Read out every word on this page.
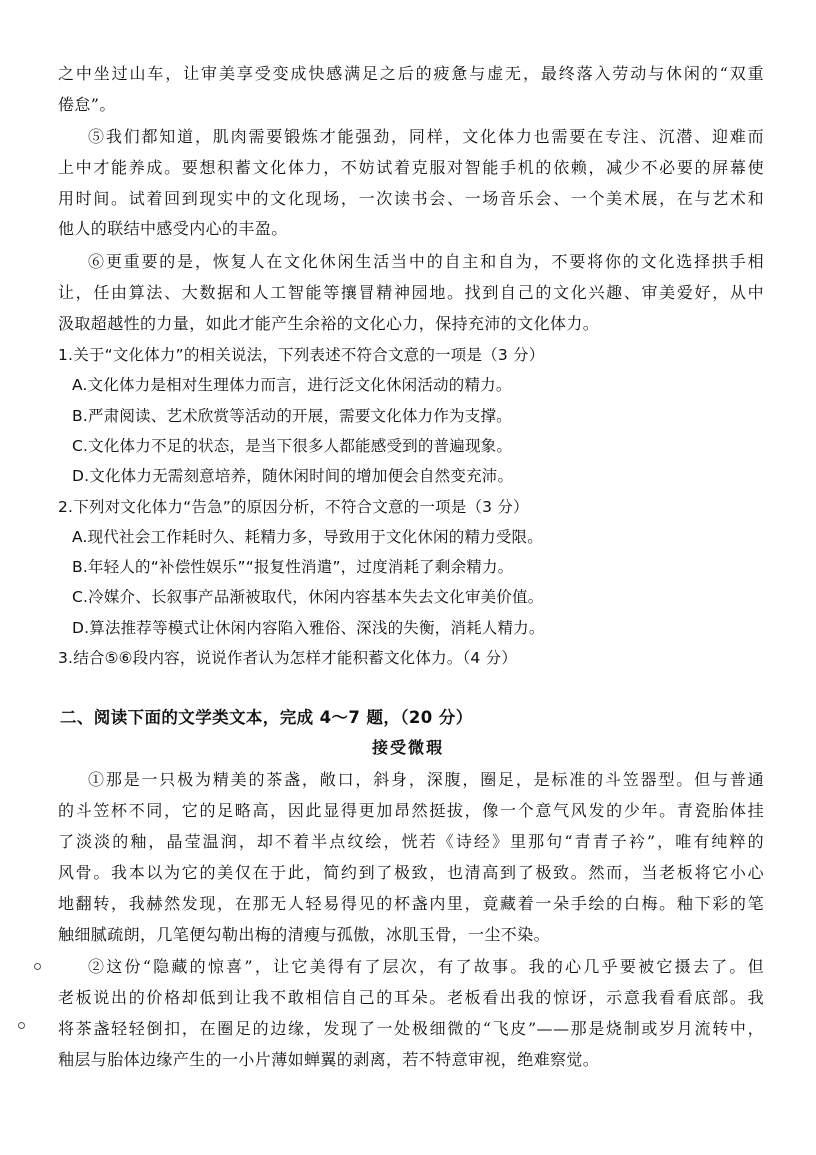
之中坐过山车，让审美享受变成快感满足之后的疲惫与虚无，最终落入劳动与休闲的“双重
倦怠”。
⑤我们都知道，肌肉需要锻炼才能强劲，同样，文化体力也需要在专注、沉潜、迎难而
上中才能养成。要想积蓄文化体力，不妨试着克服对智能手机的依赖，减少不必要的屏幕使
用时间。试着回到现实中的文化现场，一次读书会、一场音乐会、一个美术展，在与艺术和
他人的联结中感受内心的丰盈。
⑥更重要的是，恢复人在文化休闲生活当中的自主和自为，不要将你的文化选择拱手相
让，任由算法、大数据和人工智能等攘冒精神园地。找到自己的文化兴趣、审美爱好，从中
汲取超越性的力量，如此才能产生余裕的文化心力，保持充沛的文化体力。
1.关于“文化体力”的相关说法，下列表述不符合文意的一项是（3 分）
A.文化体力是相对生理体力而言，进行泛文化休闲活动的精力。
B.严肃阅读、艺术欣赏等活动的开展，需要文化体力作为支撑。
C.文化体力不足的状态，是当下很多人都能感受到的普遍现象。
D.文化体力无需刻意培养，随休闲时间的增加便会自然变充沛。
2.下列对文化体力“告急”的原因分析，不符合文意的一项是（3 分）
A.现代社会工作耗时久、耗精力多，导致用于文化休闲的精力受限。
B.年轻人的“补偿性娱乐”“报复性消遣”，过度消耗了剩余精力。
C.冷媒介、长叙事产品渐被取代，休闲内容基本失去文化审美价值。
D.算法推荐等模式让休闲内容陷入雅俗、深浅的失衡，消耗人精力。
3.结合⑤⑥段内容，说说作者认为怎样才能积蓄文化体力。（4 分）
二、阅读下面的文学类文本，完成 4～7 题，（20 分）
接受微瑕
①那是一只极为精美的茶盏，敞口，斜身，深腹，圈足，是标准的斗笠器型。但与普通
的斗笠杯不同，它的足略高，因此显得更加昂然挺拔，像一个意气风发的少年。青瓷胎体挂
了淡淡的釉，晶莹温润，却不着半点纹绘，恍若《诗经》里那句“青青子衿”，唯有纯粹的
风骨。我本以为它的美仅在于此，简约到了极致，也清高到了极致。然而，当老板将它小心
地翻转，我赫然发现，在那无人轻易得见的杯盏内里，竟藏着一朵手绘的白梅。釉下彩的笔
触细腻疏朗，几笔便勾勒出梅的清瘦与孤傲，冰肌玉骨，一尘不染。
②这份“隐藏的惊喜”，让它美得有了层次，有了故事。我的心几乎要被它摄去了。但
老板说出的价格却低到让我不敢相信自己的耳朵。老板看出我的惊讶，示意我看看底部。我
将茶盏轻轻倒扣，在圈足的边缘，发现了一处极细微的“飞皮”——那是烧制或岁月流转中，
釉层与胎体边缘产生的一小片薄如蝉翼的剥离，若不特意审视，绝难察觉。
